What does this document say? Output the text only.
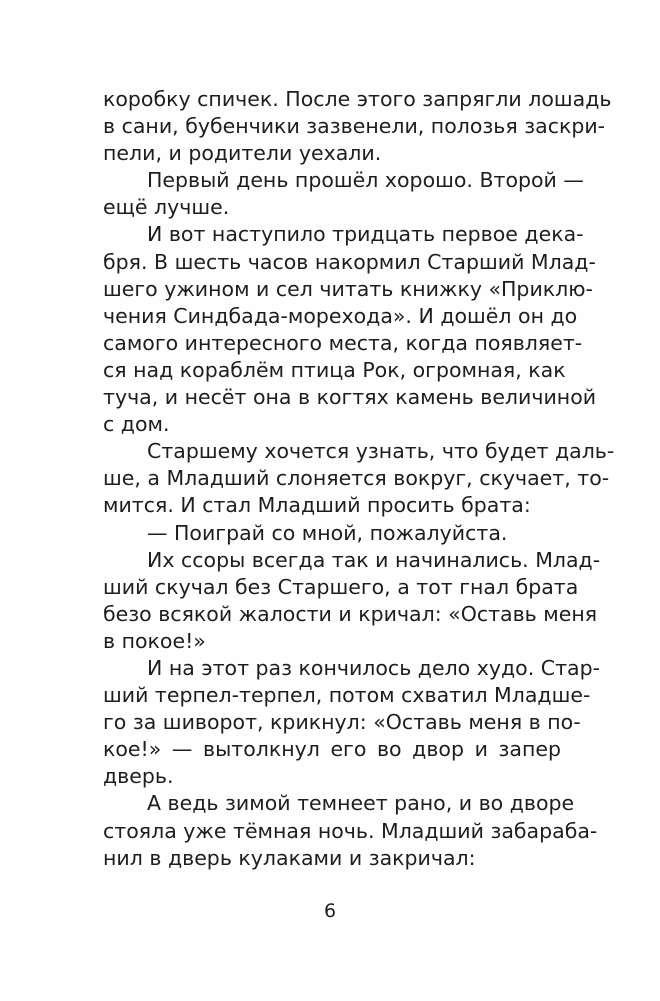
коробку спичек. После этого запрягли лошадь
в сани, бубенчики зазвенели, полозья заскри-
пели, и родители уехали.
Первый день прошёл хорошо. Второй —
ещё лучше.
И вот наступило тридцать первое дека-
бря. В шесть часов накормил Старший Млад-
шего ужином и сел читать книжку «Приклю-
чения Синдбада-морехода». И дошёл он до
самого интересного места, когда появляет-
ся над кораблём птица Рок, огромная, как
туча, и несёт она в когтях камень величиной
с дом.
Старшему хочется узнать, что будет даль-
ше, а Младший слоняется вокруг, скучает, то-
мится. И стал Младший просить брата:
— Поиграй со мной, пожалуйста.
Их ссоры всегда так и начинались. Млад-
ший скучал без Старшего, а тот гнал брата
безо всякой жалости и кричал: «Оставь меня
в покое!»
И на этот раз кончилось дело худо. Стар-
ший терпел-терпел, потом схватил Младше-
го за шиворот, крикнул: «Оставь меня в по-
кое!» — вытолкнул его во двор и запер
дверь.
А ведь зимой темнеет рано, и во дворе
стояла уже тёмная ночь. Младший забараба-
нил в дверь кулаками и закричал:
6
